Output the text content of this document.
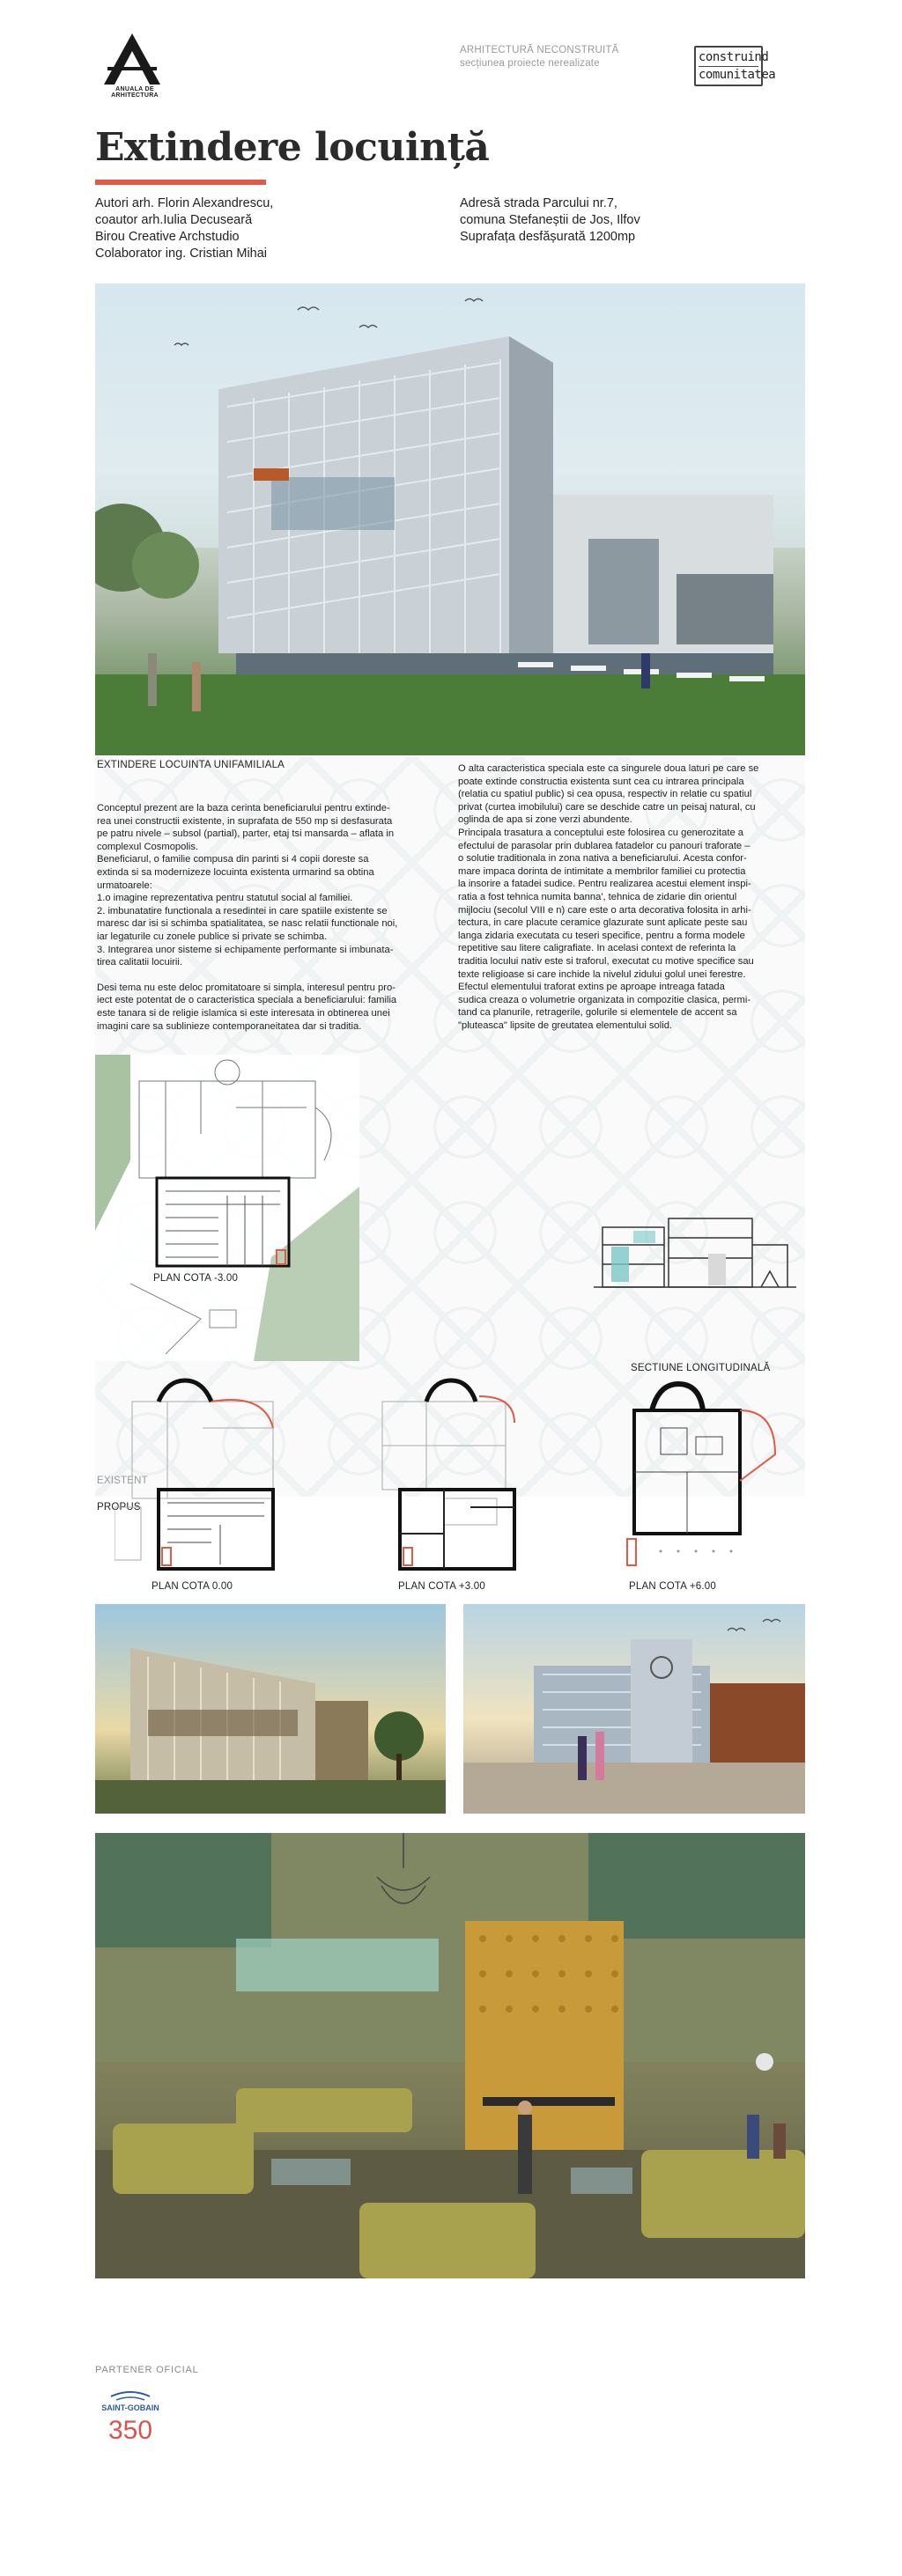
ANUALA DE ARHITECTURA
ARHITECTURĂ NECONSTRUITĂ
secțiunea proiecte nerealizate	construind
comunitatea
Extindere locuință
Autori arh. Florin Alexandrescu,
coautor arh.Iulia Decuseară
Birou Creative Archstudio
Colaborator ing. Cristian Mihai
Adresă strada Parcului nr.7,
comuna Stefaneștii de Jos, Ilfov
Suprafața desfășurată 1200mp
EXTINDERE LOCUINTA UNIFAMILIALA

Conceptul prezent are la baza cerinta beneficiarului pentru extinde-

rea unei constructii existente, in suprafata de 550 mp si desfasurata

pe patru nivele – subsol (partial), parter, etaj tsi mansarda – aflata in

complexul Cosmopolis.

Beneficiarul, o familie compusa din parinti si 4 copii doreste sa

extinda si sa modernizeze locuinta existenta urmarind sa obtina

urmatoarele:

1.o imagine reprezentativa pentru statutul social al familiei.

2. imbunatatire functionala a resedintei in care spatiile existente se

maresc dar isi si schimba spatialitatea, se nasc relatii functionale noi,

iar legaturile cu zonele publice si private se schimba.

3. Integrarea unor sisteme si echipamente performante si imbunata-

tirea calitatii locuirii.

Desi tema nu este deloc promitatoare si simpla, interesul pentru pro-

iect este potentat de o caracteristica speciala a beneficiarului: familia

este tanara si de religie islamica si este interesata in obtinerea unei

imagini care sa sublinieze contemporaneitatea dar si traditia.

O alta caracteristica speciala este ca singurele doua laturi pe care se

poate extinde constructia existenta sunt cea cu intrarea principala

(relatia cu spatiul public) si cea opusa, respectiv in relatie cu spatiul

privat (curtea imobilului) care se deschide catre un peisaj natural, cu

oglinda de apa si zone verzi abundente.

Principala trasatura a conceptului este folosirea cu generozitate a

efectului de parasolar prin dublarea fatadelor cu panouri traforate –

o solutie traditionala in zona nativa a beneficiarului. Acesta confor-

mare impaca dorinta de intimitate a membrilor familiei cu protectia

la insorire a fatadei sudice. Pentru realizarea acestui element inspi-

ratia a fost tehnica numita banna', tehnica de zidarie din orientul

mijlociu (secolul VIII e n) care este o arta decorativa folosita in arhi-

tectura, in care placute ceramice glazurate sunt aplicate peste sau

langa zidaria executata cu teseri specifice, pentru a forma modele

repetitive sau litere caligrafiate. In acelasi context de referinta la

traditia locului nativ este si traforul, executat cu motive specifice sau

texte religioase si care inchide la nivelul zidului golul unei ferestre.

Efectul elementului traforat extins pe aproape intreaga fatada

sudica creaza o volumetrie organizata in compozitie clasica, permi-

tand ca planurile, retragerile, golurile si elementele de accent sa

"pluteasca" lipsite de greutatea elementului solid.

PLAN COTA -3.00
SECTIUNE LONGITUDINALĂ
EXISTENT
PROPUS
PLAN COTA 0.00	PLAN COTA +3.00	PLAN COTA +6.00
PARTENER OFICIAL
SAINT-GOBAIN
350
